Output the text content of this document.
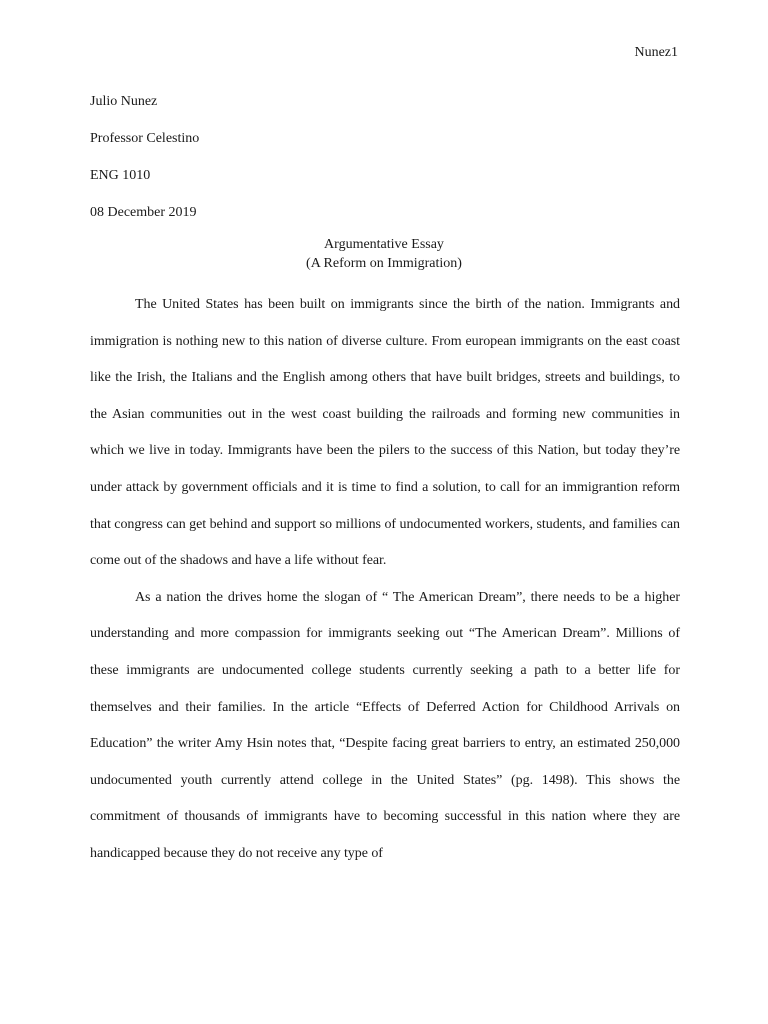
Nunez1
Julio Nunez
Professor Celestino
ENG 1010
08 December 2019
Argumentative Essay
(A Reform on Immigration)

The United States has been built on immigrants since the birth of the nation. Immigrants and immigration is nothing new to this nation of diverse culture. From european immigrants on the east coast like the Irish, the Italians and the English among others that have built bridges, streets and buildings, to the Asian communities out in the west coast building the railroads and forming new communities in which we live in today. Immigrants have been the pilers to the success of this Nation, but today they’re under attack by government officials and it is time to find a solution, to call for an immigrantion reform that congress can get behind and support so millions of undocumented workers, students, and families can come out of the shadows and have a life without fear.

As a nation the drives home the slogan of “ The American Dream”, there needs to be a higher understanding and more compassion for immigrants seeking out “The American Dream”. Millions of these immigrants are undocumented college students currently seeking a path to a better life for themselves and their families. In the article “Effects of Deferred Action for Childhood Arrivals on Education” the writer Amy Hsin notes that, “Despite facing great barriers to entry, an estimated 250,000 undocumented youth currently attend college in the United States” (pg. 1498). This shows the commitment of thousands of immigrants have to becoming successful in this nation where they are handicapped because they do not receive any type of
